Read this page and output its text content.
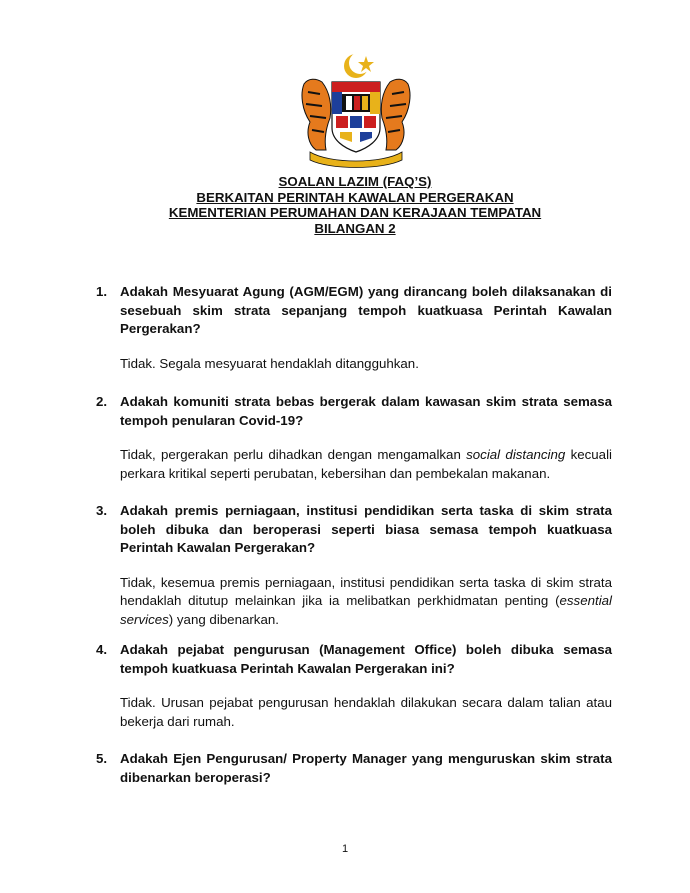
SOALAN LAZIM (FAQ’S)
BERKAITAN PERINTAH KAWALAN PERGERAKAN
KEMENTERIAN PERUMAHAN DAN KERAJAAN TEMPATAN
BILANGAN 2
1. Adakah Mesyuarat Agung (AGM/EGM) yang dirancang boleh dilaksanakan di sesebuah skim strata sepanjang tempoh kuatkuasa Perintah Kawalan Pergerakan?
Tidak. Segala mesyuarat hendaklah ditangguhkan.
2. Adakah komuniti strata bebas bergerak dalam kawasan skim strata semasa tempoh penularan Covid-19?
Tidak, pergerakan perlu dihadkan dengan mengamalkan social distancing kecuali perkara kritikal seperti perubatan, kebersihan dan pembekalan makanan.
3. Adakah premis perniagaan, institusi pendidikan serta taska di skim strata boleh dibuka dan beroperasi seperti biasa semasa tempoh kuatkuasa Perintah Kawalan Pergerakan?
Tidak, kesemua premis perniagaan, institusi pendidikan serta taska di skim strata hendaklah ditutup melainkan jika ia melibatkan perkhidmatan penting (essential services) yang dibenarkan.
4. Adakah pejabat pengurusan (Management Office) boleh dibuka semasa tempoh kuatkuasa Perintah Kawalan Pergerakan ini?
Tidak. Urusan pejabat pengurusan hendaklah dilakukan secara dalam talian atau bekerja dari rumah.
5. Adakah Ejen Pengurusan/ Property Manager yang menguruskan skim strata dibenarkan beroperasi?
1
